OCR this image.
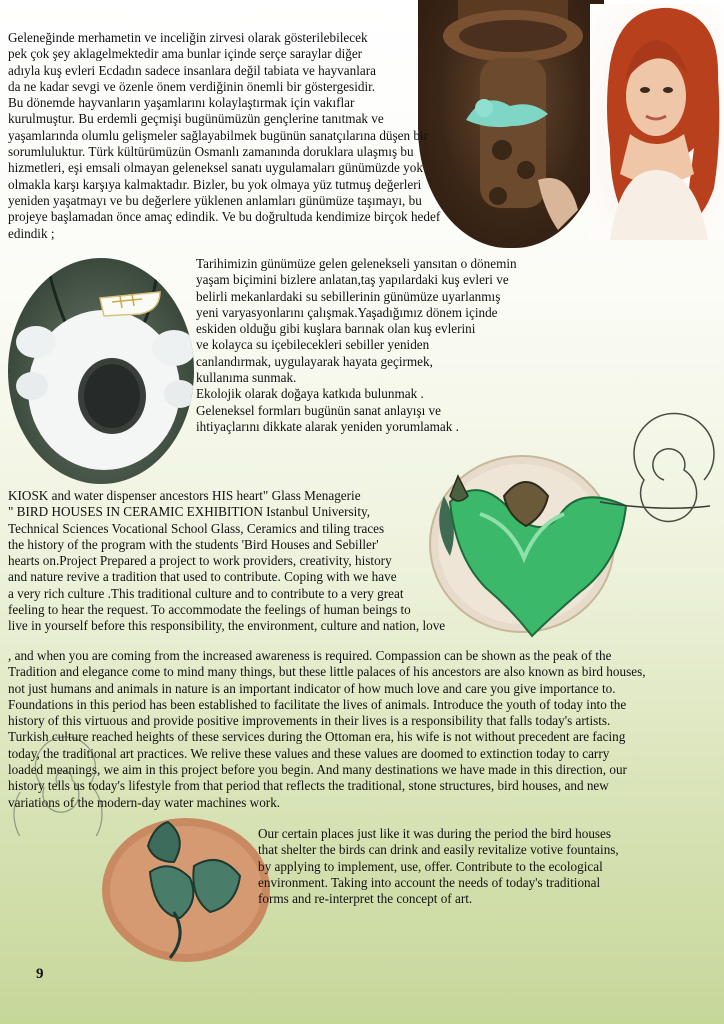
Geleneğinde merhametin ve inceliğin zirvesi olarak gösterilebilecek
pek çok şey aklagelmektedir ama bunlar içinde serçe saraylar diğer
adıyla kuş evleri Ecdadın sadece insanlara değil tabiata ve hayvanlara
da ne kadar sevgi ve özenle önem verdiğinin önemli bir göstergesidir.
Bu dönemde hayvanların yaşamlarını kolaylaştırmak için vakıflar
kurulmuştur. Bu erdemli geçmişi bugünümüzün gençlerine tanıtmak ve
yaşamlarında olumlu gelişmeler sağlayabilmek bugünün sanatçılarına düşen bir
sorumluluktur. Türk kültürümüzün Osmanlı zamanında doruklara ulaşmış bu
hizmetleri, eşi emsali olmayan geleneksel sanatı uygulamaları günümüzde yok
olmakla karşı karşıya kalmaktadır. Bizler, bu yok olmaya yüz tutmuş değerleri
yeniden yaşatmayı ve bu değerlere yüklenen anlamları günümüze taşımayı, bu
projeye başlamadan önce amaç edindik. Ve bu doğrultuda kendimize birçok hedef
edindik ;
Tarihimizin günümüze gelen gelenekseli yansıtan o dönemin
yaşam biçimini bizlere anlatan,taş yapılardaki kuş evleri ve
belirli mekanlardaki su sebillerinin günümüze uyarlanmış
yeni varyasyonlarını çalışmak.Yaşadığımız dönem içinde
eskiden olduğu gibi kuşlara barınak olan kuş evlerini
ve kolayca su içebilecekleri sebiller yeniden
canlandırmak, uygulayarak hayata geçirmek,
kullanıma sunmak.
Ekolojik olarak doğaya katkıda bulunmak .
Geleneksel formları bugünün sanat anlayışı ve
ihtiyaçlarını dikkate alarak yeniden yorumlamak .
KIOSK and water dispenser ancestors HIS heart" Glass Menagerie
" BIRD HOUSES IN CERAMIC EXHIBITION Istanbul University,
Technical Sciences Vocational School Glass, Ceramics and tiling traces
the history of the program with the students 'Bird Houses and Sebiller'
hearts on.Project Prepared a project to work providers, creativity, history
and nature revive a tradition that used to contribute. Coping with we have
a very rich culture .This traditional culture and to contribute to a very great
feeling to hear the request. To accommodate the feelings of human beings to
live in yourself before this responsibility, the environment, culture and nation, love
, and when you are coming from the increased awareness is required. Compassion can be shown as the peak of the
Tradition and elegance come to mind many things, but these little palaces of his ancestors are also known as bird houses,
not just humans and animals in nature is an important indicator of how much love and care you give importance to.
Foundations in this period has been established to facilitate the lives of animals. Introduce the youth of today into the
history of this virtuous and provide positive improvements in their lives is a responsibility that falls today's artists.
Turkish culture reached heights of these services during the Ottoman era, his wife is not without precedent are facing
today, the traditional art practices. We relive these values and these values are doomed to extinction today to carry
loaded meanings, we aim in this project before you begin. And many destinations we have made in this direction, our
history tells us today's lifestyle from that period that reflects the traditional, stone structures, bird houses, and new
variations of the modern-day water machines work.
Our certain places just like it was during the period the bird houses
that shelter the birds can drink and easily revitalize votive fountains,
by applying to implement, use, offer. Contribute to the ecological
environment. Taking into account the needs of today's traditional
forms and re-interpret the concept of art.

9
